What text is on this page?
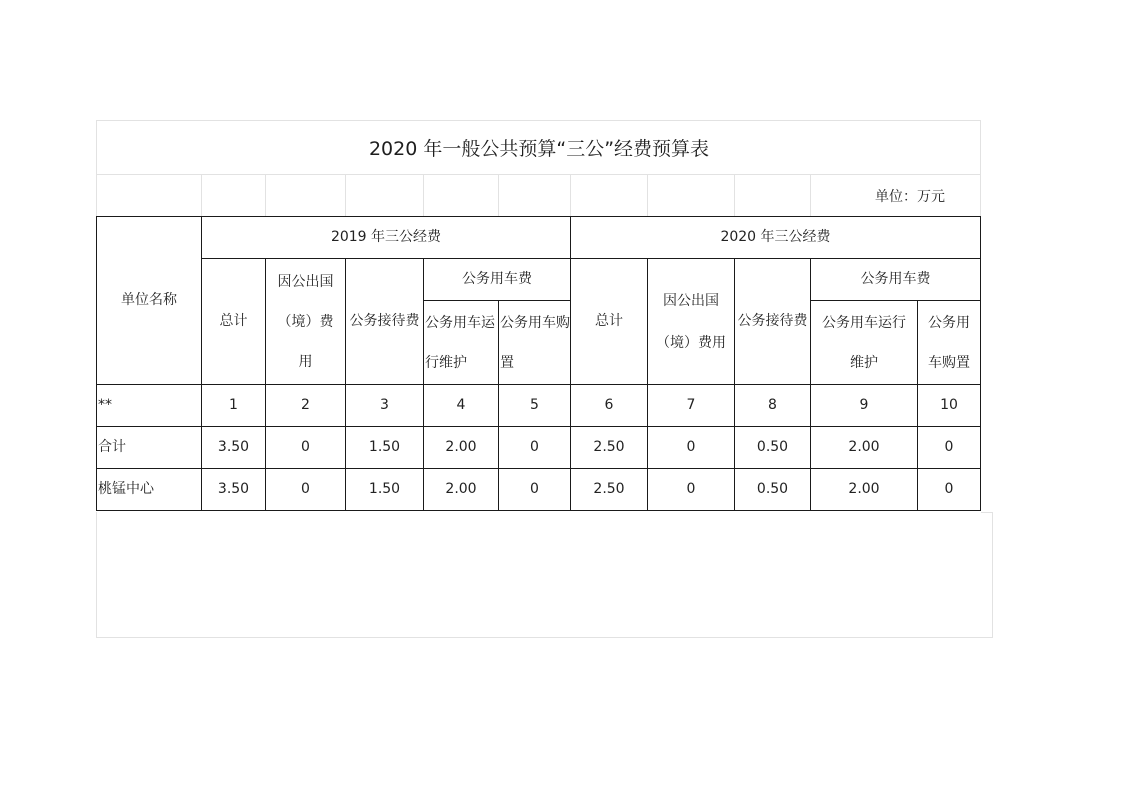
2020 年一般公共预算“三公”经费预算表
单位：万元
单位名称	2019 年三公经费					2020 年三公经费				
	总计	因公出国（境）费用	公务接待费	公务用车费		总计	因公出国（境）费用	公务接待费	公务用车费	

				公务用车运行维护	公务用车购置				公务用车运行维护	公务用车购置

**	1	2	3	4	5	6	7	8	9	10
合计	3.50	0	1.50	2.00	0	2.50	0	0.50	2.00	0
桃锰中心	3.50	0	1.50	2.00	0	2.50	0	0.50	2.00	0
